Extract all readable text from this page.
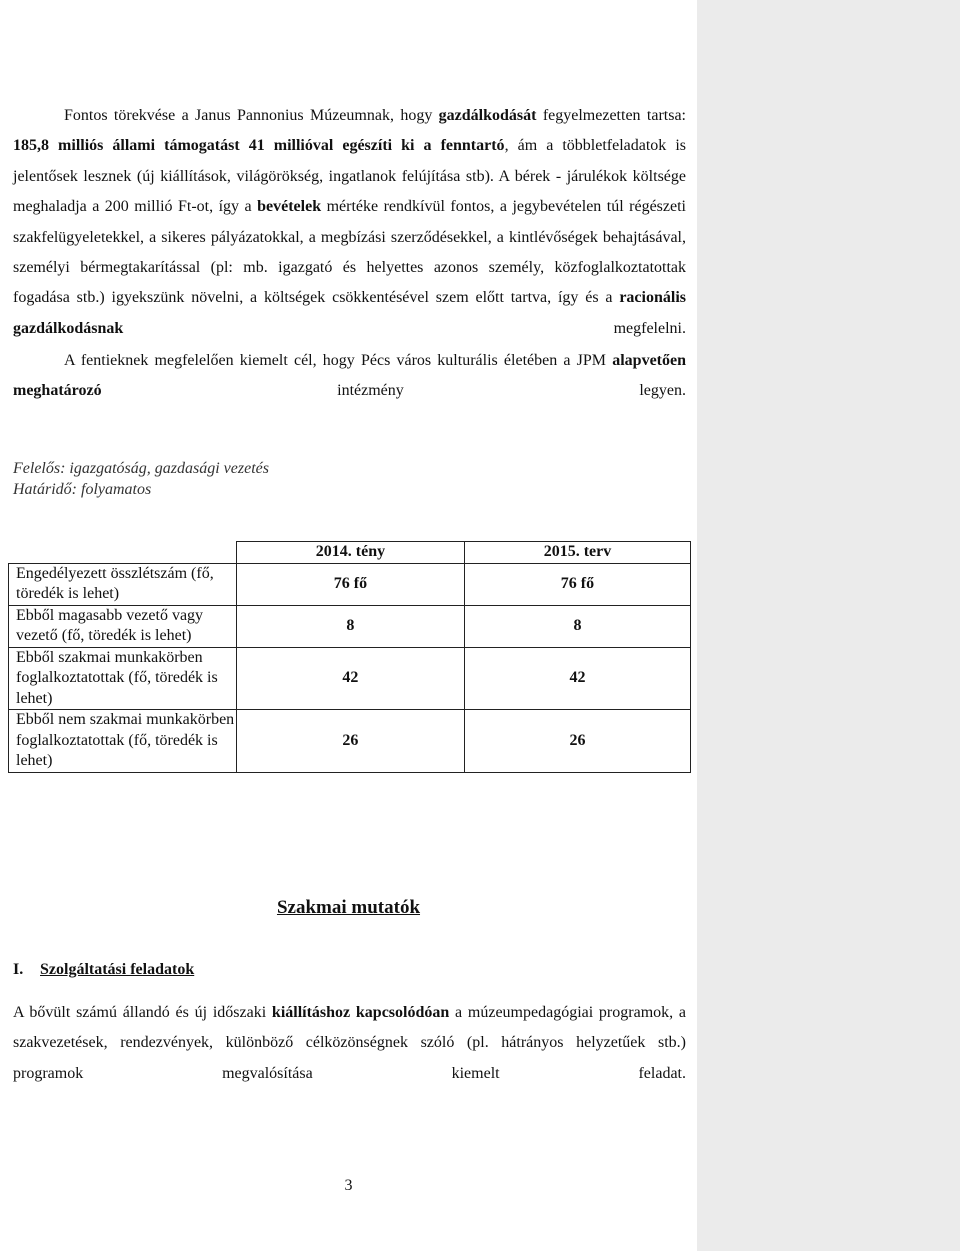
Fontos törekvése a Janus Pannonius Múzeumnak, hogy gazdálkodását fegyelmezetten tartsa: 185,8 milliós állami támogatást 41 millióval egészíti ki a fenntartó, ám a többletfeladatok is jelentősek lesznek (új kiállítások, világörökség, ingatlanok felújítása stb). A bérek - járulékok költsége meghaladja a 200 millió Ft-ot, így a bevételek mértéke rendkívül fontos, a jegybevételen túl régészeti szakfelügyeletekkel, a sikeres pályázatokkal, a megbízási szerződésekkel, a kintlévőségek behajtásával, személyi bérmegtakarítással (pl: mb. igazgató és helyettes azonos személy, közfoglalkoztatottak fogadása stb.) igyekszünk növelni, a költségek csökkentésével szem előtt tartva, így és a racionális gazdálkodásnak megfelelni.

A fentieknek megfelelően kiemelt cél, hogy Pécs város kulturális életében a JPM alapvetően meghatározó intézmény legyen.

Felelős: igazgatóság, gazdasági vezetés
Határidő: folyamatos
	2014. tény	2015. terv
Engedélyezett összlétszám (fő, töredék is lehet)	76 fő	76 fő
Ebből magasabb vezető vagy vezető (fő, töredék is lehet)	8	8
Ebből szakmai munkakörben foglalkoztatottak (fő, töredék is lehet)	42	42
Ebből nem szakmai munkakörben foglalkoztatottak (fő, töredék is lehet)	26	26
Szakmai mutatók
I. Szolgáltatási feladatok

A bővült számú állandó és új időszaki kiállításhoz kapcsolódóan a múzeumpedagógiai programok, a szakvezetések, rendezvények, különböző célközönségnek szóló (pl. hátrányos helyzetűek stb.) programok megvalósítása kiemelt feladat.

3
